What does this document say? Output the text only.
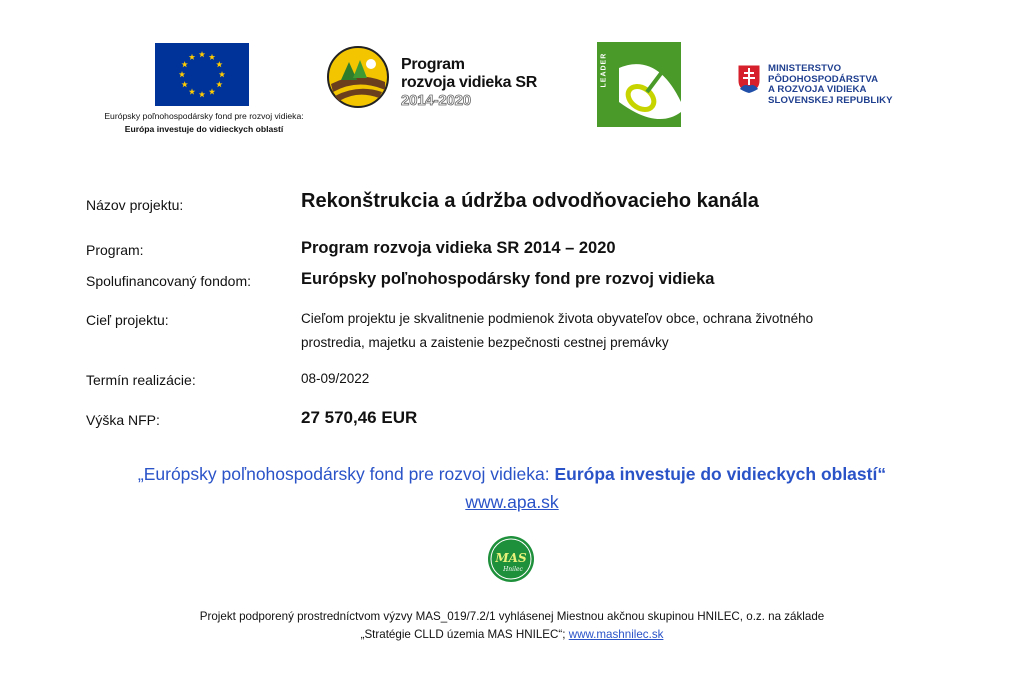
Európsky poľnohospodársky fond pre rozvoj vidieka:
Európa investuje do vidieckych oblastí
Program
rozvoja vidieka SR
2014-2020
LEADER	MINISTERSTVO
PÔDOHOSPODÁRSTVA
A ROZVOJA VIDIEKA
SLOVENSKEJ REPUBLIKY
Názov projektu:	Rekonštrukcia a údržba odvodňovacieho kanála
Program:	Program rozvoja vidieka SR 2014 – 2020
Spolufinancovaný fondom:	Európsky poľnohospodársky fond pre rozvoj vidieka
Cieľ projektu:	Cieľom projektu je skvalitnenie podmienok života obyvateľov obce, ochrana životného
prostredia, majetku a zaistenie bezpečnosti cestnej premávky
Termín realizácie:	08-09/2022
Výška NFP:	27 570,46 EUR
„Európsky poľnohospodársky fond pre rozvoj vidieka: Európa investuje do vidieckych oblastí“
www.apa.sk
MAS
Hnilec
Projekt podporený prostredníctvom výzvy MAS_019/7.2/1 vyhlásenej Miestnou akčnou skupinou HNILEC, o.z. na základe
„Stratégie CLLD územia MAS HNILEC“; www.mashnilec.sk
